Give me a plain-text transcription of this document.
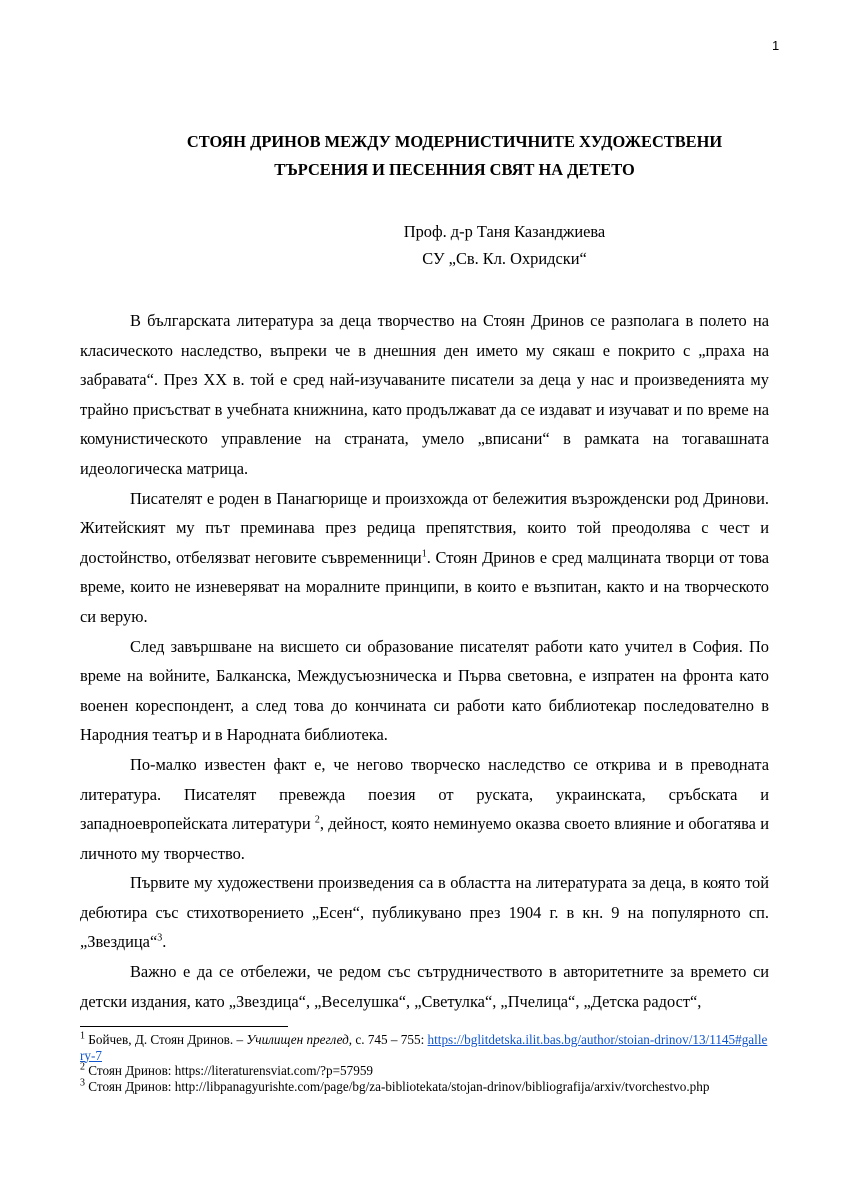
1
СТОЯН ДРИНОВ МЕЖДУ МОДЕРНИСТИЧНИТЕ ХУДОЖЕСТВЕНИ
ТЪРСЕНИЯ И ПЕСЕННИЯ СВЯТ НА ДЕТЕТО
Проф. д-р Таня Казанджиева
СУ „Св. Кл. Охридски“

В българската литература за деца творчество на Стоян Дринов се разполага в полето на класическото наследство, въпреки че в днешния ден името му сякаш е покрито с „праха на забравата“. През XX в. той е сред най-изучаваните писатели за деца у нас и произведенията му трайно присъстват в учебната книжнина, като продължават да се издават и изучават и по време на комунистическото управление на страната, умело „вписани“ в рамката на тогавашната идеологическа матрица.

Писателят е роден в Панагюрище и произхожда от бележития възрожденски род Дринови. Житейският му път преминава през редица препятствия, които той преодолява с чест и достойнство, отбелязват неговите съвременници$^1$. Стоян Дринов е сред малцината творци от това време, които не изневеряват на моралните принципи, в които е възпитан, както и на творческото си верую.

След завършване на висшето си образование писателят работи като учител в София. По време на войните, Балканска, Междусъюзническа и Първа световна, е изпратен на фронта като военен кореспондент, а след това до кончината си работи като библиотекар последователно в Народния театър и в Народната библиотека.

По-малко известен факт е, че негово творческо наследство се открива и в преводната литература. Писателят превежда поезия от руската, украинската, сръбската и западноевропейската литератури $^2$, дейност, която неминуемо оказва своето влияние и обогатява и личното му творчество.

Първите му художествени произведения са в областта на литературата за деца, в която той дебютира със стихотворението „Есен“, публикувано през 1904 г. в кн. 9 на популярното сп. „Звездица“$^3$.

Важно е да се отбележи, че редом със сътрудничеството в авторитетните за времето си детски издания, като „Звездица“, „Веселушка“, „Светулка“, „Пчелица“, „Детска радост“,

$^1$ Бойчев, Д. Стоян Дринов. – Училищен преглед, с. 745 – 755: https://bglitdetska.ilit.bas.bg/author/stoian-drinov/13/1145#gallery-7

$^2$ Стоян Дринов: https://literaturensviat.com/?p=57959

$^3$ Стоян Дринов: http://libpanagyurishte.com/page/bg/za-bibliotekata/stojan-drinov/bibliografija/arxiv/tvorchestvo.php
